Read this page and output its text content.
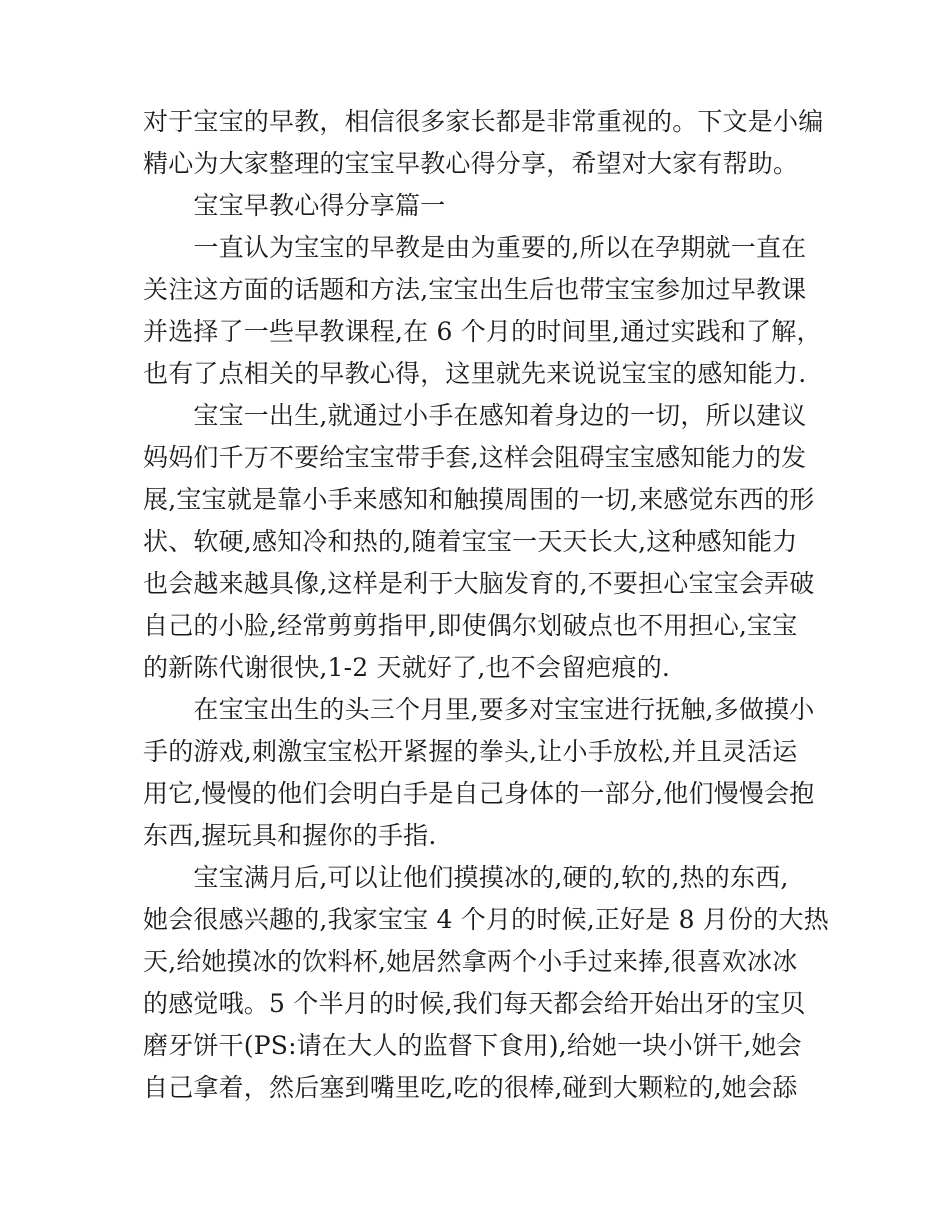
对于宝宝的早教，相信很多家长都是非常重视的。下文是小编
精心为大家整理的宝宝早教心得分享，希望对大家有帮助。
　　宝宝早教心得分享篇一
　　一直认为宝宝的早教是由为重要的,所以在孕期就一直在
关注这方面的话题和方法,宝宝出生后也带宝宝参加过早教课
并选择了一些早教课程,在 6 个月的时间里,通过实践和了解，
也有了点相关的早教心得，这里就先来说说宝宝的感知能力.
　　宝宝一出生,就通过小手在感知着身边的一切，所以建议
妈妈们千万不要给宝宝带手套,这样会阻碍宝宝感知能力的发
展,宝宝就是靠小手来感知和触摸周围的一切,来感觉东西的形
状、软硬,感知冷和热的,随着宝宝一天天长大,这种感知能力
也会越来越具像,这样是利于大脑发育的,不要担心宝宝会弄破
自己的小脸,经常剪剪指甲,即使偶尔划破点也不用担心,宝宝
的新陈代谢很快,1-2 天就好了,也不会留疤痕的.
　　在宝宝出生的头三个月里,要多对宝宝进行抚触,多做摸小
手的游戏,刺激宝宝松开紧握的拳头,让小手放松,并且灵活运
用它,慢慢的他们会明白手是自己身体的一部分,他们慢慢会抱
东西,握玩具和握你的手指.
　　宝宝满月后,可以让他们摸摸冰的,硬的,软的,热的东西,
她会很感兴趣的,我家宝宝 4 个月的时候,正好是 8 月份的大热
天,给她摸冰的饮料杯,她居然拿两个小手过来捧,很喜欢冰冰
的感觉哦。5 个半月的时候,我们每天都会给开始出牙的宝贝
磨牙饼干(PS:请在大人的监督下食用),给她一块小饼干,她会
自己拿着，然后塞到嘴里吃,吃的很棒,碰到大颗粒的,她会舔
